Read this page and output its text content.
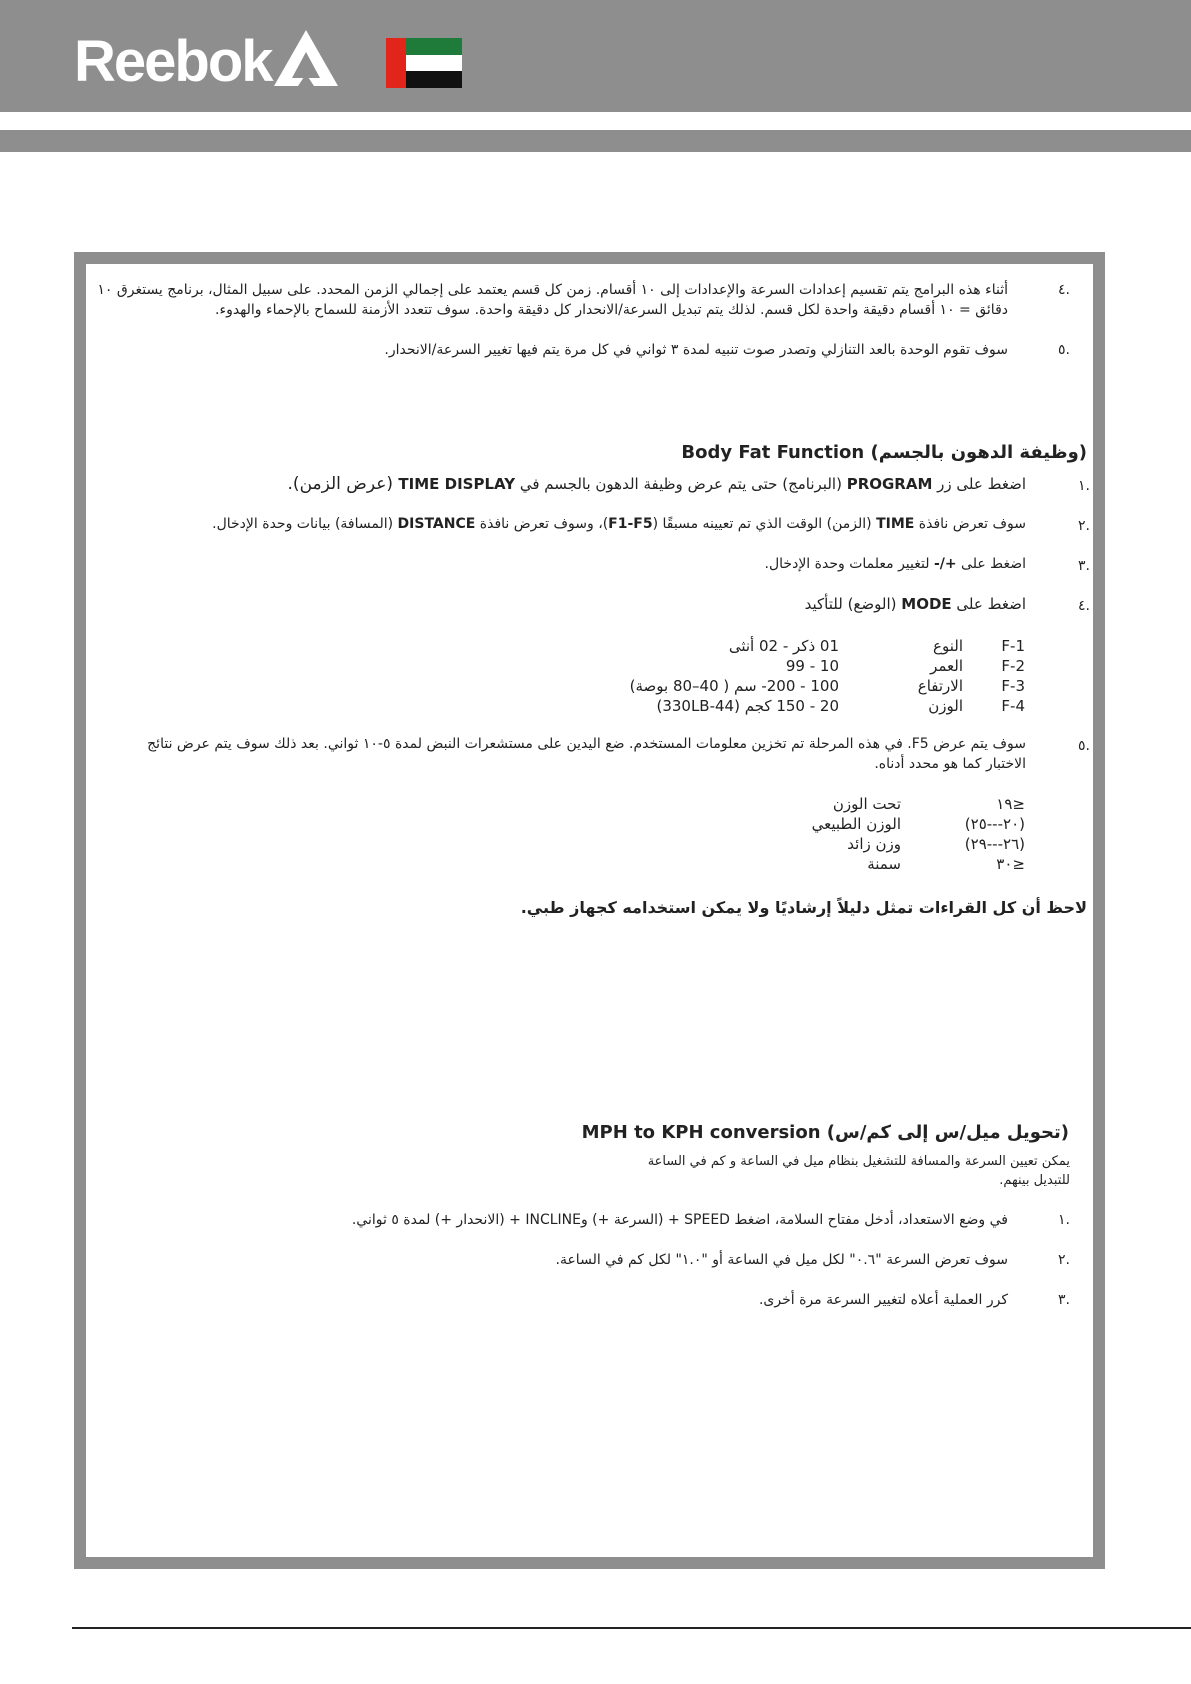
Reebok
.٤

أثناء هذه البرامج يتم تقسيم إعدادات السرعة والإعدادات إلى ١٠ أقسام. زمن كل قسم يعتمد على إجمالي الزمن المحدد. على سبيل المثال، برنامج يستغرق ١٠ دقائق = ١٠ أقسام دقيقة واحدة لكل قسم. لذلك يتم تبديل السرعة/الانحدار كل دقيقة واحدة. سوف تتعدد الأزمنة للسماح بالإحماء والهدوء.

.٥

سوف تقوم الوحدة بالعد التنازلي وتصدر صوت تنبيه لمدة ٣ ثواني في كل مرة يتم فيها تغيير السرعة/الانحدار.

(وظيفة الدهون بالجسم) Body Fat Function
.١
اضغط على زر PROGRAM (البرنامج) حتى يتم عرض وظيفة الدهون بالجسم في TIME DISPLAY (عرض الزمن).
.٢
سوف تعرض نافذة TIME (الزمن) الوقت الذي تم تعيينه مسبقًا (F1-F5)، وسوف تعرض نافذة DISTANCE (المسافة) بيانات وحدة الإدخال.
.٣
اضغط على +/- لتغيير معلمات وحدة الإدخال.
.٤
اضغط على MODE (الوضع) للتأكيد
F-1
النوع
01 ذكر - 02 أنثى
F-2
العمر
10 - 99
F-3
الارتفاع
100 - 200- سم ( 40–80 بوصة)
F-4
الوزن
20 - 150 كجم (44-330LB)
.٥

سوف يتم عرض F5. في هذه المرحلة تم تخزين معلومات المستخدم. ضع اليدين على مستشعرات النبض لمدة ٥-١٠ ثواني. بعد ذلك سوف يتم عرض نتائج الاختبار كما هو محدد أدناه.

≤١٩
تحت الوزن
(٢٠---٢٥)
الوزن الطبيعي
(٢٦---٢٩)
وزن زائد
≤٣٠
سمنة
لاحظ أن كل القراءات تمثل دليلاً إرشاديًا ولا يمكن استخدامه كجهاز طبي.
(تحويل ميل/س إلى كم/س) MPH to KPH conversion

يمكن تعيين السرعة والمسافة للتشغيل بنظام ميل في الساعة و كم في الساعة للتبديل بينهم.

.١

في وضع الاستعداد، أدخل مفتاح السلامة، اضغط SPEED + (السرعة +) وINCLINE + (الانحدار +) لمدة ٥ ثواني.

.٢

سوف تعرض السرعة "٠.٦" لكل ميل في الساعة أو "١.٠" لكل كم في الساعة.

.٣

كرر العملية أعلاه لتغيير السرعة مرة أخرى.
